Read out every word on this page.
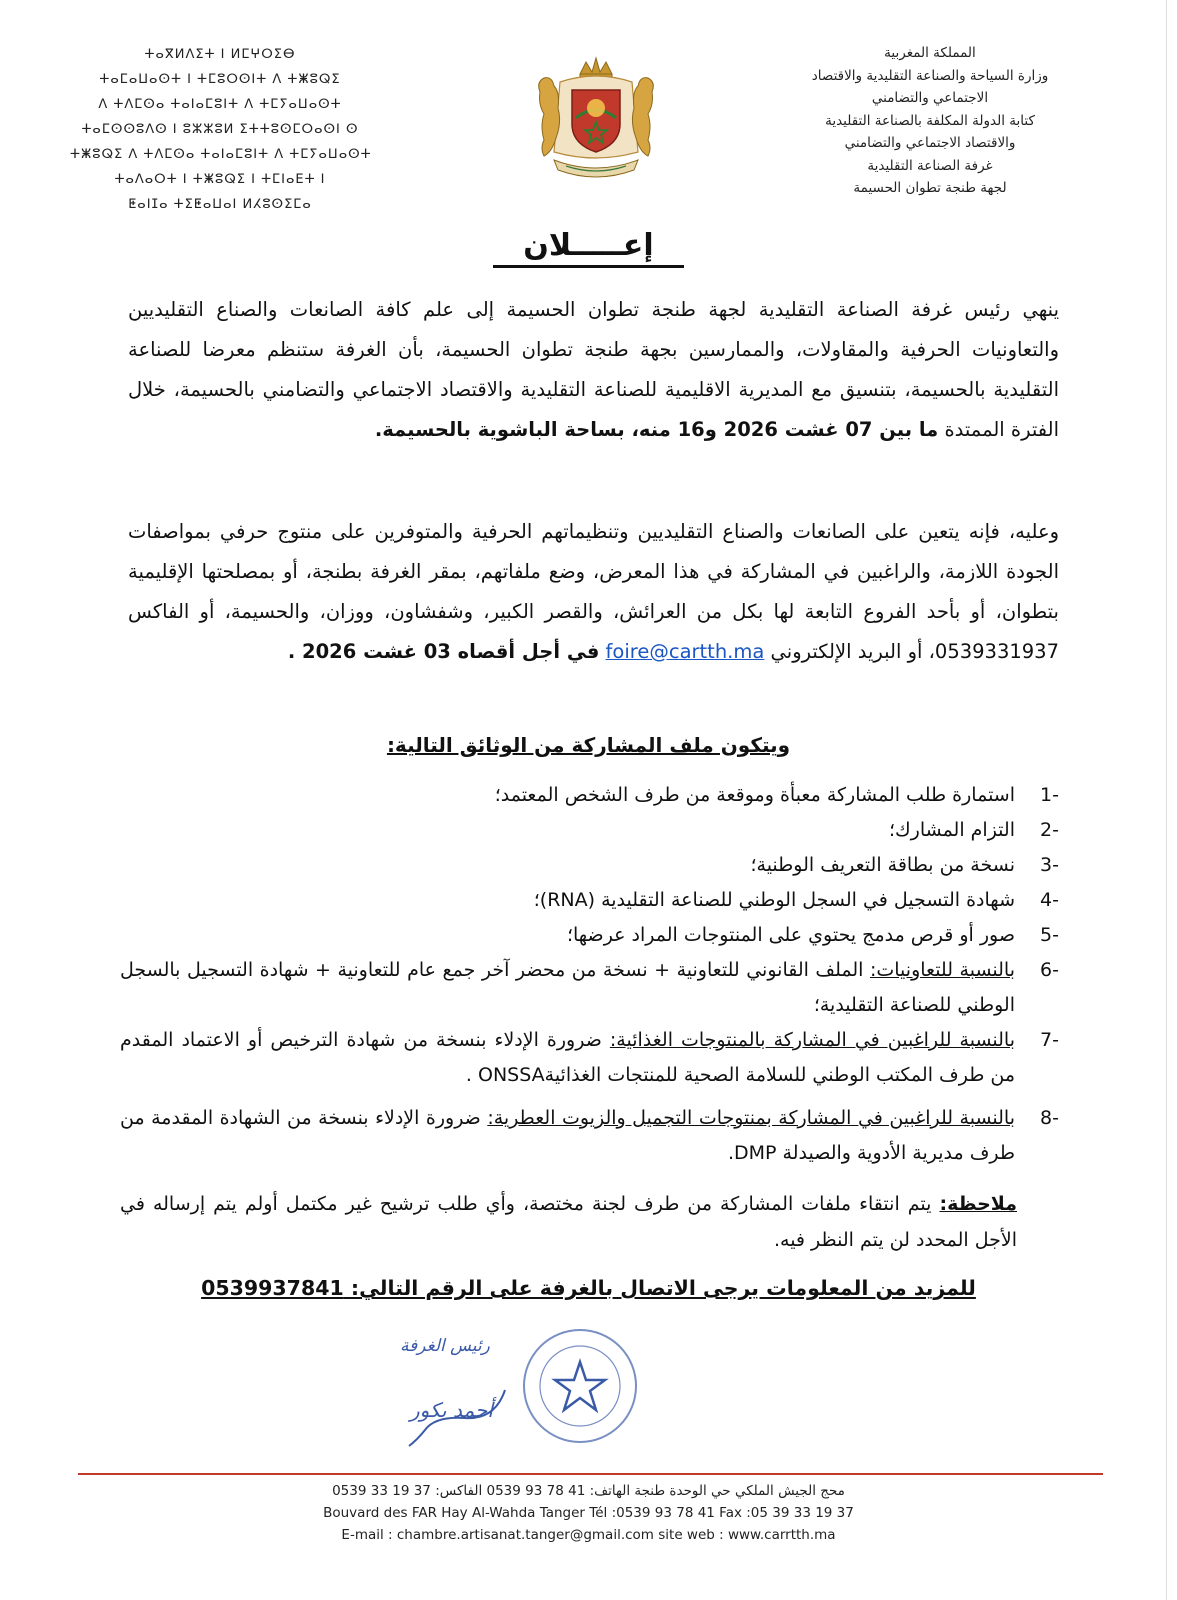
المملكة المغربية
وزارة السياحة والصناعة التقليدية والاقتصاد
الاجتماعي والتضامني
كتابة الدولة المكلفة بالصناعة التقليدية
والاقتصاد الاجتماعي والتضامني
غرفة الصناعة التقليدية
لجهة طنجة تطوان الحسيمة
ⵜⴰⴳⵍⴷⵉⵜ ⵏ ⵍⵎⵖⵔⵉⴱ
ⵜⴰⵎⴰⵡⴰⵙⵜ ⵏ ⵜⵎⵓⵔⵙⵏⵜ ⴷ ⵜⵥⵓⵕⵉ
ⴷ ⵜⴷⵎⵙⴰ ⵜⴰⵏⴰⵎⵓⵏⵜ ⴷ ⵜⵎⵢⴰⵡⴰⵙⵜ
ⵜⴰⵎⵙⵙⵓⴷⵙ ⵏ ⵓⵣⵣⵓⵍ ⵉⵜⵜⵓⵙⵎⵔⴰⵙⵏ ⵙ
ⵜⵥⵓⵕⵉ ⴷ ⵜⴷⵎⵙⴰ ⵜⴰⵏⴰⵎⵓⵏⵜ ⴷ ⵜⵎⵢⴰⵡⴰⵙⵜ
ⵜⴰⴷⴰⵔⵜ ⵏ ⵜⵥⵓⵕⵉ ⵏ ⵜⵎⵏⴰⴹⵜ ⵏ
ⵟⴰⵏⵊⴰ ⵜⵉⵟⴰⵡⴰⵏ ⵍⵃⵓⵙⵉⵎⴰ
إعـــــلان

ينهي رئيس غرفة الصناعة التقليدية لجهة طنجة تطوان الحسيمة إلى علم كافة الصانعات والصناع التقليديين والتعاونيات الحرفية والمقاولات، والممارسين بجهة طنجة تطوان الحسيمة، بأن الغرفة ستنظم معرضا للصناعة التقليدية بالحسيمة، بتنسيق مع المديرية الاقليمية للصناعة التقليدية والاقتصاد الاجتماعي والتضامني بالحسيمة، خلال الفترة الممتدة ما بين 07 غشت 2026 و16 منه، بساحة الباشوية بالحسيمة.

وعليه، فإنه يتعين على الصانعات والصناع التقليديين وتنظيماتهم الحرفية والمتوفرين على منتوج حرفي بمواصفات الجودة اللازمة، والراغبين في المشاركة في هذا المعرض، وضع ملفاتهم، بمقر الغرفة بطنجة، أو بمصلحتها الإقليمية بتطوان، أو بأحد الفروع التابعة لها بكل من العرائش، والقصر الكبير، وشفشاون، ووزان، والحسيمة، أو الفاكس 0539331937، أو البريد الإلكتروني foire@cartth.ma في أجل أقصاه 03 غشت 2026 .

ويتكون ملف المشاركة من الوثائق التالية:

-1
استمارة طلب المشاركة معبأة وموقعة من طرف الشخص المعتمد؛

-2
التزام المشارك؛

-3
نسخة من بطاقة التعريف الوطنية؛

-4
شهادة التسجيل في السجل الوطني للصناعة التقليدية (RNA)؛

-5
صور أو قرص مدمج يحتوي على المنتوجات المراد عرضها؛

-6
بالنسبة للتعاونيات: الملف القانوني للتعاونية + نسخة من محضر آخر جمع عام للتعاونية + شهادة التسجيل بالسجل الوطني للصناعة التقليدية؛

-7
بالنسبة للراغبين في المشاركة بالمنتوجات الغذائية: ضرورة الإدلاء بنسخة من شهادة الترخيص أو الاعتماد المقدم من طرف المكتب الوطني للسلامة الصحية للمنتجات الغذائيةONSSA .

-8
بالنسبة للراغبين في المشاركة بمنتوجات التجميل والزيوت العطرية: ضرورة الإدلاء بنسخة من الشهادة المقدمة من طرف مديرية الأدوية والصيدلة DMP.

ملاحظة: يتم انتقاء ملفات المشاركة من طرف لجنة مختصة، وأي طلب ترشيح غير مكتمل أولم يتم إرساله في الأجل المحدد لن يتم النظر فيه.
للمزيد من المعلومات يرجى الاتصال بالغرفة على الرقم التالي: 0539937841
رئيس الغرفة
أحمد بكور
محج الجيش الملكي حي الوحدة طنجة الهاتف: 41 78 93 0539 الفاكس: 37 19 33 0539
Bouvard des FAR Hay Al-Wahda Tanger Tél :0539 93 78 41 Fax :05 39 33 19 37
E-mail : chambre.artisanat.tanger@gmail.com site web : www.carrtth.ma
